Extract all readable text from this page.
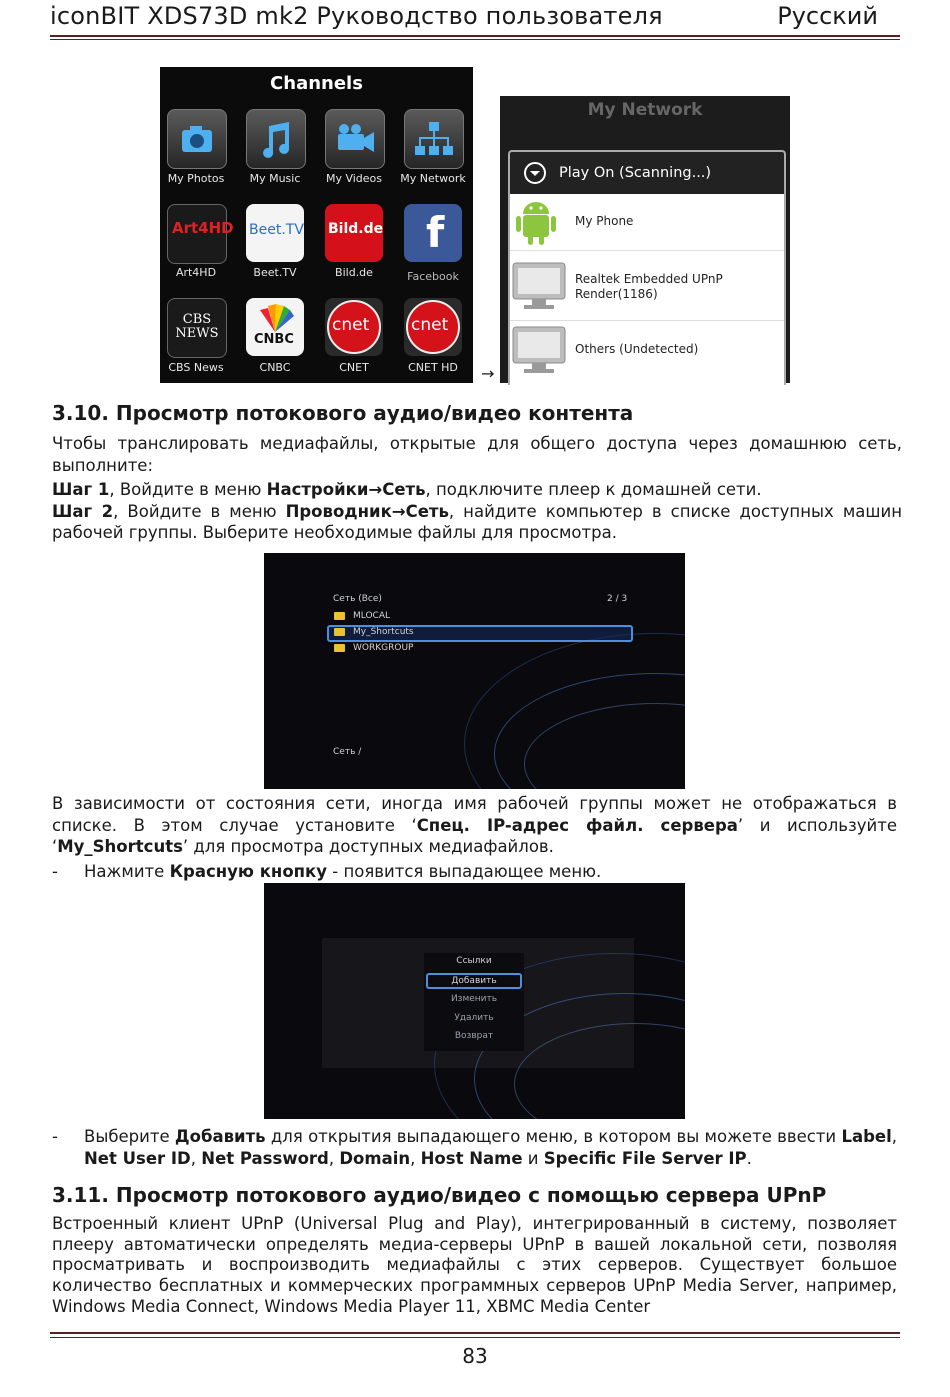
iconBIT XDS73D mk2 Руководство пользователя	Русский
Channels
My Photos	My Music	My Videos	My Network
Art4HD
Art4HD
Beet.TV
Beet.TV
Bild.de
Bild.de
f
Facebook
CBS NEWS
CBS News
CNBC
CNBC
cnet
CNET
cnet
CNET HD	→
My Network
Play On (Scanning...)
My Phone
Realtek Embedded UPnP
Render(1186)
Others (Undetected)
3.10. Просмотр потокового аудио/видео контента

Чтобы транслировать медиафайлы, открытые для общего доступа через домашнюю сеть, выполните:

Шаг 1, Войдите в меню Настройки→Сеть, подключите плеер к домашней сети.

Шаг 2, Войдите в меню Проводник→Сеть, найдите компьютер в списке доступных машин рабочей группы. Выберите необходимые файлы для просмотра.

Сеть (Все)	2 / 3
MLOCAL
My_Shortcuts
WORKGROUP
Сеть /

В зависимости от состояния сети, иногда имя рабочей группы может не отображаться в списке. В этом случае установите ‘Спец. IP-адрес файл. сервера’ и используйте ‘My_Shortcuts’ для просмотра доступных медиафайлов.

-	Нажмите Красную кнопку - появится выпадающее меню.
Ссылки
Добавить
Изменить
Удалить
Возврат
-	Выберите Добавить для открытия выпадающего меню, в котором вы можете ввести Label, Net User ID, Net Password, Domain, Host Name и Specific File Server IP.
3.11. Просмотр потокового аудио/видео с помощью сервера UPnP

Встроенный клиент UPnP (Universal Plug and Play), интегрированный в систему, позволяет плееру автоматически определять медиа-серверы UPnP в вашей локальной сети, позволяя просматривать и воспроизводить медиафайлы с этих серверов. Существует большое количество бесплатных и коммерческих программных серверов UPnP Media Server, например, Windows Media Connect, Windows Media Player 11, XBMC Media Center

83
